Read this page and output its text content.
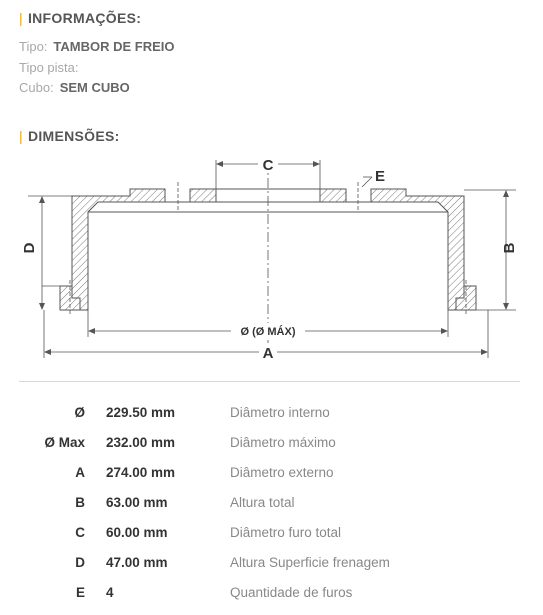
| INFORMAÇÕES:
Tipo: TAMBOR DE FREIO
Tipo pista:
Cubo: SEM CUBO
| DIMENSÕES:
C
E
D	B
Ø (Ø MÁX)
A
Ø 229.50 mm	Diâmetro interno
Ø Max 232.00 mm	Diâmetro máximo
A 274.00 mm	Diâmetro externo
B 63.00 mm	Altura total
C 60.00 mm	Diâmetro furo total
D 47.00 mm	Altura Superficie frenagem
E 4	Quantidade de furos
